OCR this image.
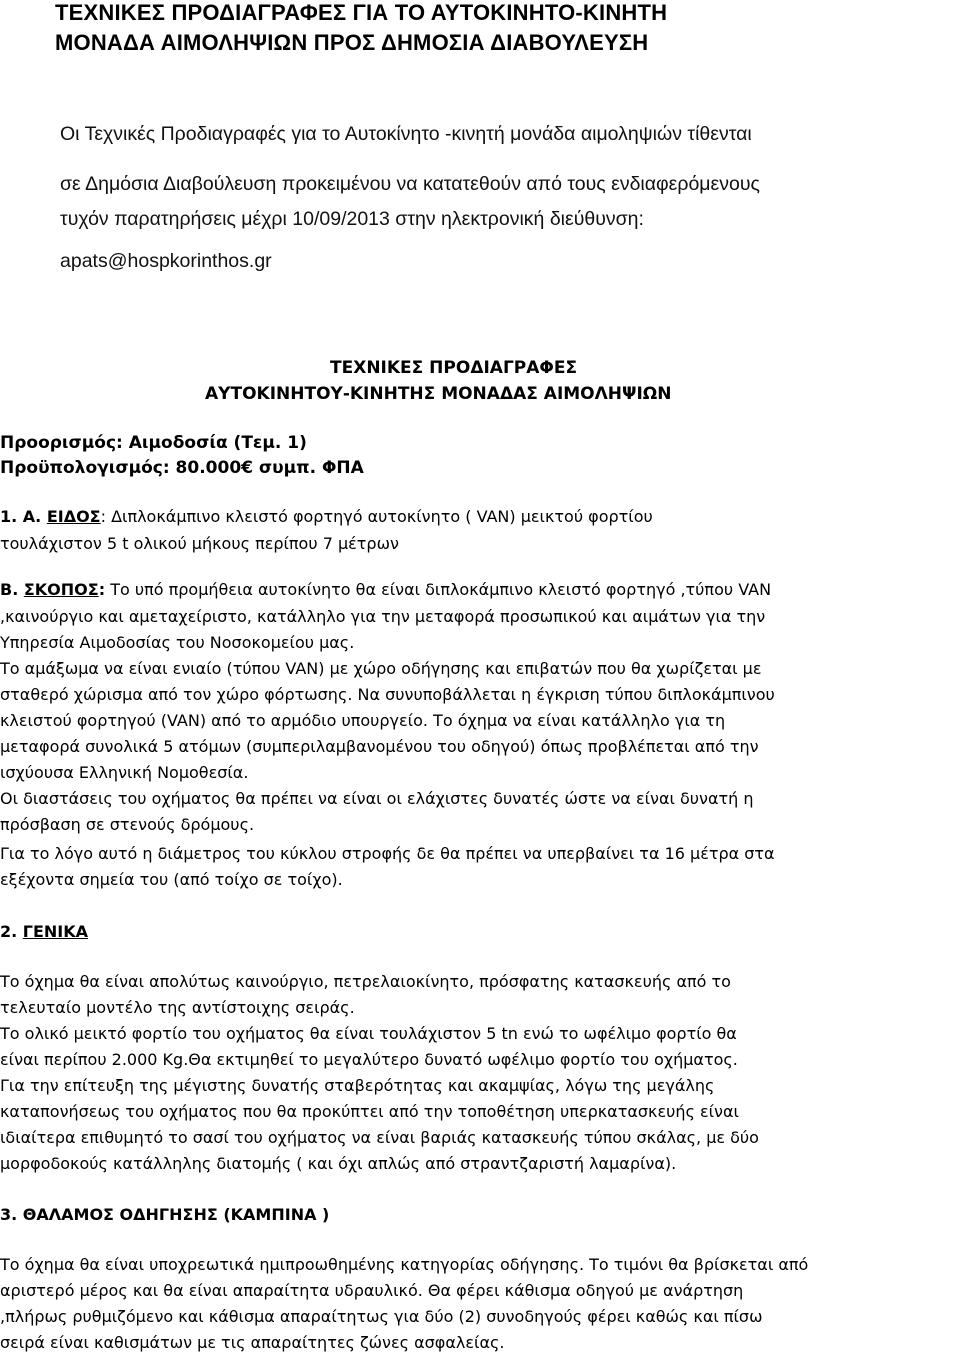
ΤΕΧΝΙΚΕΣ ΠΡΟΔΙΑΓΡΑΦΕΣ ΓΙΑ ΤΟ ΑΥΤΟΚΙΝΗΤΟ-ΚΙΝΗΤΗ
ΜΟΝΑΔΑ ΑΙΜΟΛΗΨΙΩΝ ΠΡΟΣ ΔΗΜΟΣΙΑ ΔΙΑΒΟΥΛΕΥΣΗ
Οι Τεχνικές Προδιαγραφές για το Αυτοκίνητο -κινητή μονάδα αιμοληψιών τίθενται
σε Δημόσια Διαβούλευση προκειμένου να κατατεθούν από τους ενδιαφερόμενους
τυχόν παρατηρήσεις μέχρι 10/09/2013 στην ηλεκτρονική διεύθυνση:
apats@hospkorinthos.gr
ΤΕΧΝΙΚΕΣ ΠΡΟΔΙΑΓΡΑΦΕΣ
ΑΥΤΟΚΙΝΗΤΟΥ-ΚΙΝΗΤΗΣ ΜΟΝΑΔΑΣ ΑΙΜΟΛΗΨΙΩΝ
Προορισμός: Αιμοδοσία (Τεμ. 1)
Προϋπολογισμός: 80.000€ συμπ. ΦΠΑ
1. Α. ΕΙΔΟΣ: Διπλοκάμπινο κλειστό φορτηγό αυτοκίνητο ( VAN) μεικτού φορτίου
τουλάχιστον 5 t ολικού μήκους περίπου 7 μέτρων
Β. ΣΚΟΠΟΣ: Το υπό προμήθεια αυτοκίνητο θα είναι διπλοκάμπινο κλειστό φορτηγό ,τύπου VAN
,καινούργιο και αμεταχείριστο, κατάλληλο για την μεταφορά προσωπικού και αιμάτων για την
Υπηρεσία Αιμοδοσίας του Νοσοκομείου μας.
Το αμάξωμα να είναι ενιαίο (τύπου VAN) με χώρο οδήγησης και επιβατών που θα χωρίζεται με
σταθερό χώρισμα από τον χώρο φόρτωσης. Να συνυποβάλλεται η έγκριση τύπου διπλοκάμπινου
κλειστού φορτηγού (VAN) από το αρμόδιο υπουργείο. Το όχημα να είναι κατάλληλο για τη
μεταφορά συνολικά 5 ατόμων (συμπεριλαμβανομένου του οδηγού) όπως προβλέπεται από την
ισχύουσα Ελληνική Νομοθεσία.
Οι διαστάσεις του οχήματος θα πρέπει να είναι οι ελάχιστες δυνατές ώστε να είναι δυνατή η
πρόσβαση σε στενούς δρόμους.
Για το λόγο αυτό η διάμετρος του κύκλου στροφής δε θα πρέπει να υπερβαίνει τα 16 μέτρα στα
εξέχοντα σημεία του (από τοίχο σε τοίχο).
2. ΓΕΝΙΚΑ
Το όχημα θα είναι απολύτως καινούργιο, πετρελαιοκίνητο, πρόσφατης κατασκευής από το
τελευταίο μοντέλο της αντίστοιχης σειράς.
Το ολικό μεικτό φορτίο του οχήματος θα είναι τουλάχιστον 5 tn ενώ το ωφέλιμο φορτίο θα
είναι περίπου 2.000 Kg.Θα εκτιμηθεί το μεγαλύτερο δυνατό ωφέλιμο φορτίο του οχήματος.
Για την επίτευξη της μέγιστης δυνατής σταβερότητας και ακαμψίας, λόγω της μεγάλης
καταπονήσεως του οχήματος που θα προκύπτει από την τοποθέτηση υπερκατασκευής είναι
ιδιαίτερα επιθυμητό το σασί του οχήματος να είναι βαριάς κατασκευής τύπου σκάλας, με δύο
μορφοδοκούς κατάλληλης διατομής ( και όχι απλώς από στραντζαριστή λαμαρίνα).
3. ΘΑΛΑΜΟΣ ΟΔΗΓΗΣΗΣ (ΚΑΜΠΙΝΑ )
Το όχημα θα είναι υποχρεωτικά ημιπροωθημένης κατηγορίας οδήγησης. Το τιμόνι θα βρίσκεται από
αριστερό μέρος και θα είναι απαραίτητα υδραυλικό. Θα φέρει κάθισμα οδηγού με ανάρτηση
,πλήρως ρυθμιζόμενο και κάθισμα απαραίτητως για δύο (2) συνοδηγούς φέρει καθώς και πίσω
σειρά είναι καθισμάτων με τις απαραίτητες ζώνες ασφαλείας.
